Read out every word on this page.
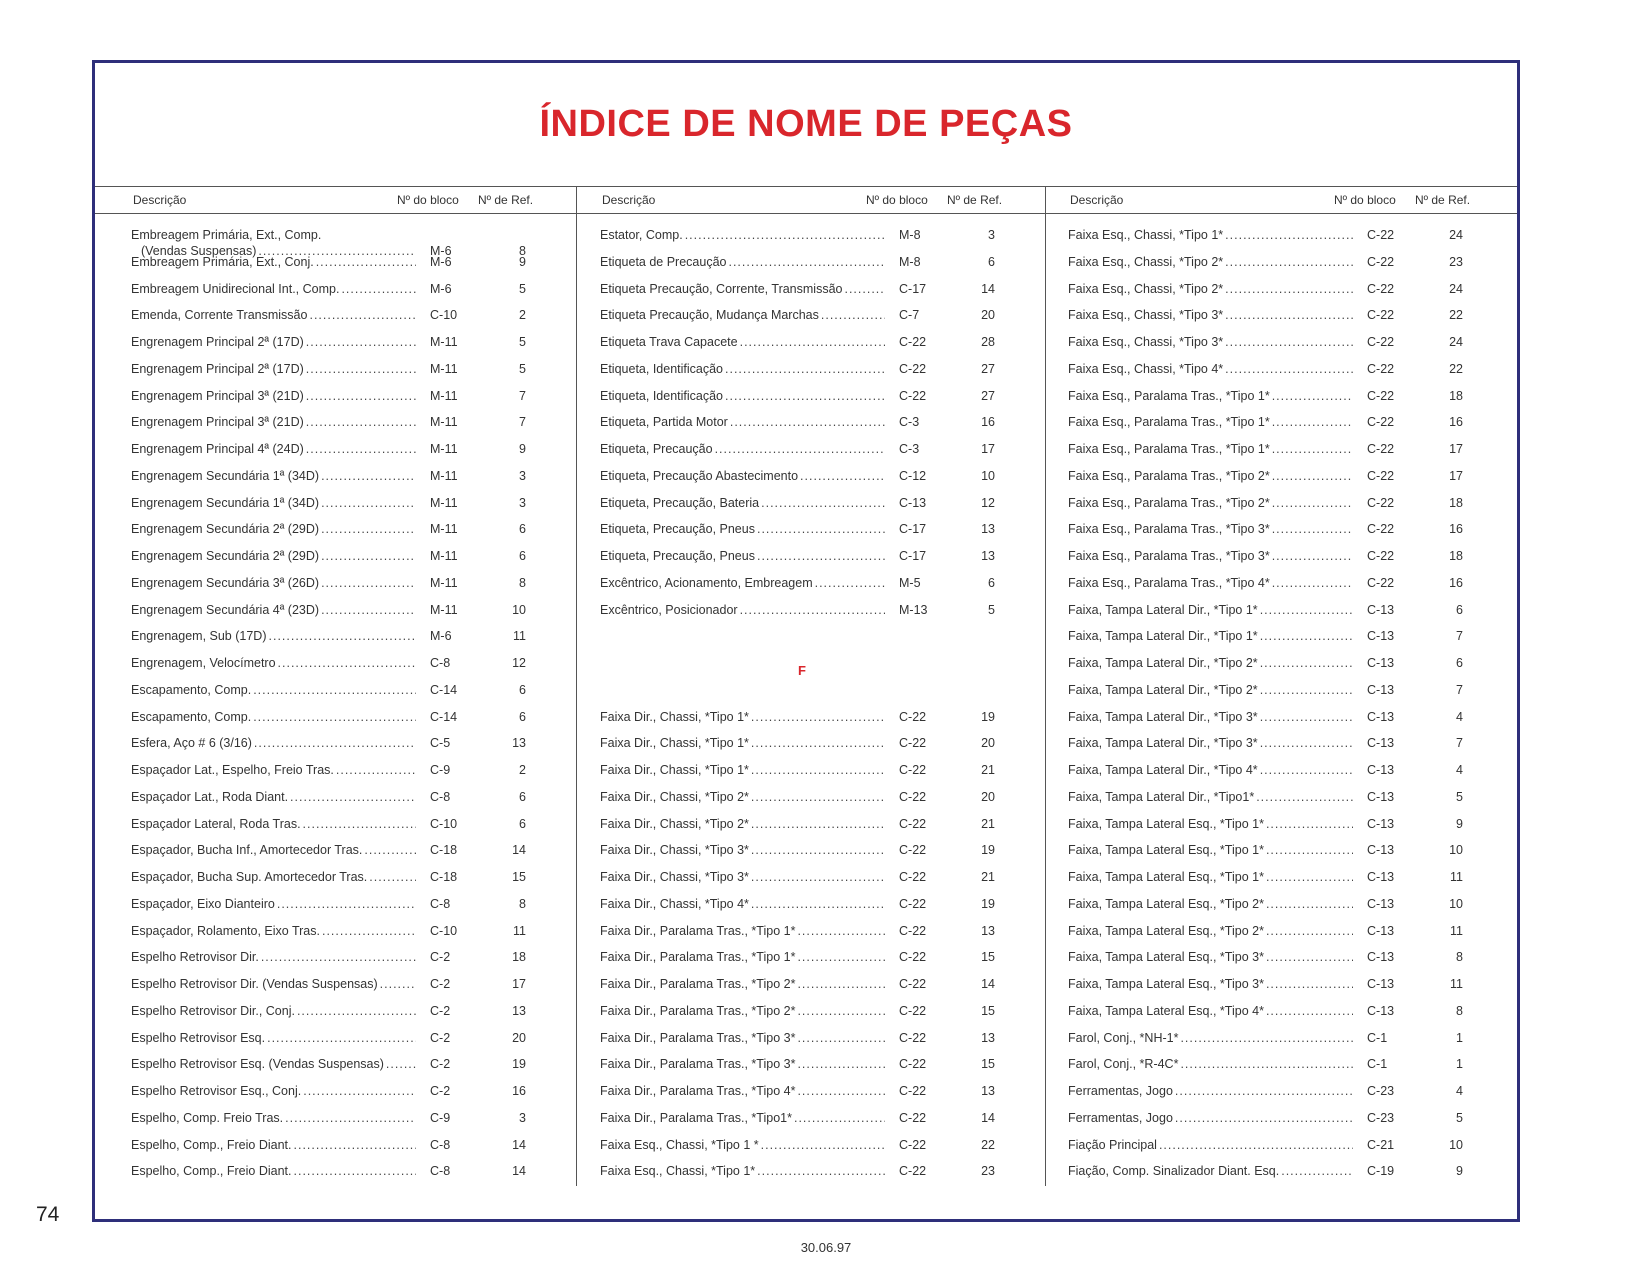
ÍNDICE DE NOME DE PEÇAS
Descrição	Nº do bloco Nº de Ref.	Descrição	Nº do bloco Nº de Ref.	Descrição	Nº do bloco Nº de Ref.
Embreagem Primária, Ext., Comp.
(Vendas Suspensas) .....	M-6	8
Embreagem Primária, Ext., Conj. .....	M-6	9
Embreagem Unidirecional Int., Comp. .....	M-6	5
Emenda, Corrente Transmissão .....	C-10	2
Engrenagem Principal 2ª (17D) .....	M-11	5
Engrenagem Principal 2ª (17D) .....	M-11	5
Engrenagem Principal 3ª (21D) .....	M-11	7
Engrenagem Principal 3ª (21D) .....	M-11	7
Engrenagem Principal 4ª (24D) .....	M-11	9
Engrenagem Secundária 1ª (34D) .....	M-11	3
Engrenagem Secundária 1ª (34D) .....	M-11	3
Engrenagem Secundária 2ª (29D) .....	M-11	6
Engrenagem Secundária 2ª (29D) .....	M-11	6
Engrenagem Secundária 3ª (26D) .....	M-11	8
Engrenagem Secundária 4ª (23D) .....	M-11	10
Engrenagem, Sub (17D) .....	M-6	11
Engrenagem, Velocímetro .....	C-8	12
Escapamento, Comp. .....	C-14	6
Escapamento, Comp. .....	C-14	6
Esfera, Aço # 6 (3/16) .....	C-5	13
Espaçador Lat., Espelho, Freio Tras. .....	C-9	2
Espaçador Lat., Roda Diant. .....	C-8	6
Espaçador Lateral, Roda Tras. .....	C-10	6
Espaçador, Bucha Inf., Amortecedor Tras. .....	C-18	14
Espaçador, Bucha Sup. Amortecedor Tras. .....	C-18	15
Espaçador, Eixo Dianteiro .....	C-8	8
Espaçador, Rolamento, Eixo Tras. .....	C-10	11
Espelho Retrovisor Dir. .....	C-2	18
Espelho Retrovisor Dir. (Vendas Suspensas) .....	C-2	17
Espelho Retrovisor Dir., Conj. .....	C-2	13
Espelho Retrovisor Esq. .....	C-2	20
Espelho Retrovisor Esq. (Vendas Suspensas) .....	C-2	19
Espelho Retrovisor Esq., Conj. .....	C-2	16
Espelho, Comp. Freio Tras. .....	C-9	3
Espelho, Comp., Freio Diant. .....	C-8	14
Espelho, Comp., Freio Diant. .....	C-8	14
Estator, Comp. .....	M-8	3
Etiqueta de Precaução .....	M-8	6
Etiqueta Precaução, Corrente, Transmissão .....	C-17	14
Etiqueta Precaução, Mudança Marchas .....	C-7	20
Etiqueta Trava Capacete .....	C-22	28
Etiqueta, Identificação .....	C-22	27
Etiqueta, Identificação .....	C-22	27
Etiqueta, Partida Motor .....	C-3	16
Etiqueta, Precaução .....	C-3	17
Etiqueta, Precaução Abastecimento .....	C-12	10
Etiqueta, Precaução, Bateria .....	C-13	12
Etiqueta, Precaução, Pneus .....	C-17	13
Etiqueta, Precaução, Pneus .....	C-17	13
Excêntrico, Acionamento, Embreagem .....	M-5	6
Excêntrico, Posicionador .....	M-13	5
Faixa Dir., Chassi, *Tipo 1* .....	C-22	19
Faixa Dir., Chassi, *Tipo 1* .....	C-22	20
Faixa Dir., Chassi, *Tipo 1* .....	C-22	21
Faixa Dir., Chassi, *Tipo 2* .....	C-22	20
Faixa Dir., Chassi, *Tipo 2* .....	C-22	21
Faixa Dir., Chassi, *Tipo 3* .....	C-22	19
Faixa Dir., Chassi, *Tipo 3* .....	C-22	21
Faixa Dir., Chassi, *Tipo 4* .....	C-22	19
Faixa Dir., Paralama Tras., *Tipo 1* .....	C-22	13
Faixa Dir., Paralama Tras., *Tipo 1* .....	C-22	15
Faixa Dir., Paralama Tras., *Tipo 2* .....	C-22	14
Faixa Dir., Paralama Tras., *Tipo 2* .....	C-22	15
Faixa Dir., Paralama Tras., *Tipo 3* .....	C-22	13
Faixa Dir., Paralama Tras., *Tipo 3* .....	C-22	15
Faixa Dir., Paralama Tras., *Tipo 4* .....	C-22	13
Faixa Dir., Paralama Tras., *Tipo1* .....	C-22	14
Faixa Esq., Chassi, *Tipo 1 * .....	C-22	22
Faixa Esq., Chassi, *Tipo 1* .....	C-22	23
Faixa Esq., Chassi, *Tipo 1* .....	C-22	24
Faixa Esq., Chassi, *Tipo 2* .....	C-22	23
Faixa Esq., Chassi, *Tipo 2* .....	C-22	24
Faixa Esq., Chassi, *Tipo 3* .....	C-22	22
Faixa Esq., Chassi, *Tipo 3* .....	C-22	24
Faixa Esq., Chassi, *Tipo 4* .....	C-22	22
Faixa Esq., Paralama Tras., *Tipo 1* .....	C-22	18
Faixa Esq., Paralama Tras., *Tipo 1* .....	C-22	16
Faixa Esq., Paralama Tras., *Tipo 1* .....	C-22	17
Faixa Esq., Paralama Tras., *Tipo 2* .....	C-22	17
Faixa Esq., Paralama Tras., *Tipo 2* .....	C-22	18
Faixa Esq., Paralama Tras., *Tipo 3* .....	C-22	16
Faixa Esq., Paralama Tras., *Tipo 3* .....	C-22	18
Faixa Esq., Paralama Tras., *Tipo 4* .....	C-22	16
Faixa, Tampa Lateral Dir., *Tipo 1* .....	C-13	6
Faixa, Tampa Lateral Dir., *Tipo 1* .....	C-13	7
Faixa, Tampa Lateral Dir., *Tipo 2* .....	C-13	6
Faixa, Tampa Lateral Dir., *Tipo 2* .....	C-13	7
Faixa, Tampa Lateral Dir., *Tipo 3* .....	C-13	4
Faixa, Tampa Lateral Dir., *Tipo 3* .....	C-13	7
Faixa, Tampa Lateral Dir., *Tipo 4* .....	C-13	4
Faixa, Tampa Lateral Dir., *Tipo1* .....	C-13	5
Faixa, Tampa Lateral Esq., *Tipo 1* .....	C-13	9
Faixa, Tampa Lateral Esq., *Tipo 1* .....	C-13	10
Faixa, Tampa Lateral Esq., *Tipo 1* .....	C-13	11
Faixa, Tampa Lateral Esq., *Tipo 2* .....	C-13	10
Faixa, Tampa Lateral Esq., *Tipo 2* .....	C-13	11
Faixa, Tampa Lateral Esq., *Tipo 3* .....	C-13	8
Faixa, Tampa Lateral Esq., *Tipo 3* .....	C-13	11
Faixa, Tampa Lateral Esq., *Tipo 4* .....	C-13	8
Farol, Conj., *NH-1* .....	C-1	1
Farol, Conj., *R-4C* .....	C-1	1
Ferramentas, Jogo .....	C-23	4
Ferramentas, Jogo .....	C-23	5
Fiação Principal .....	C-21	10
Fiação, Comp. Sinalizador Diant. Esq. .....	C-19	9
F
74
30.06.97
